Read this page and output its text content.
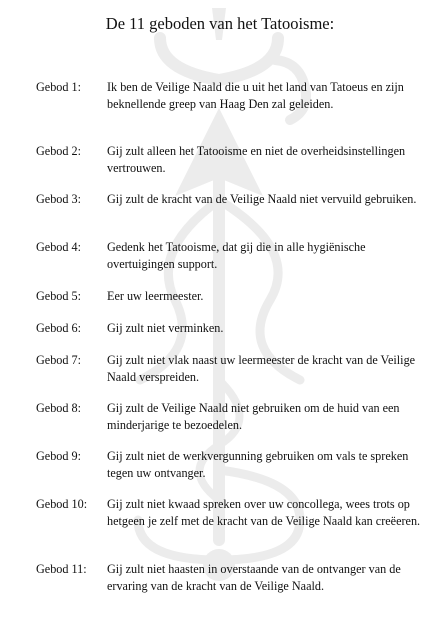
De 11 geboden van het Tatooisme:
Gebod 1:	Ik ben de Veilige Naald die u uit het land van Tatoeus en zijn beknellende greep van Haag Den zal geleiden.
Gebod 2:	Gij zult alleen het Tatooisme en niet de overheidsinstellingen vertrouwen.
Gebod 3:	Gij zult de kracht van de Veilige Naald niet vervuild gebruiken.
Gebod 4:	Gedenk het Tatooisme, dat gij die in alle hygiënische overtuigingen support.
Gebod 5:	Eer uw leermeester.
Gebod 6:	Gij zult niet verminken.
Gebod 7:	Gij zult niet vlak naast uw leermeester de kracht van de Veilige Naald verspreiden.
Gebod 8:	Gij zult de Veilige Naald niet gebruiken om de huid van een minderjarige te bezoedelen.
Gebod 9:	Gij zult niet de werkvergunning gebruiken om vals te spreken tegen uw ontvanger.
Gebod 10:	Gij zult niet kwaad spreken over uw concollega, wees trots op hetgeen je zelf met de kracht van de Veilige Naald kan creëeren.
Gebod 11:	Gij zult niet haasten in overstaande van de ontvanger van de ervaring van de kracht van de Veilige Naald.
